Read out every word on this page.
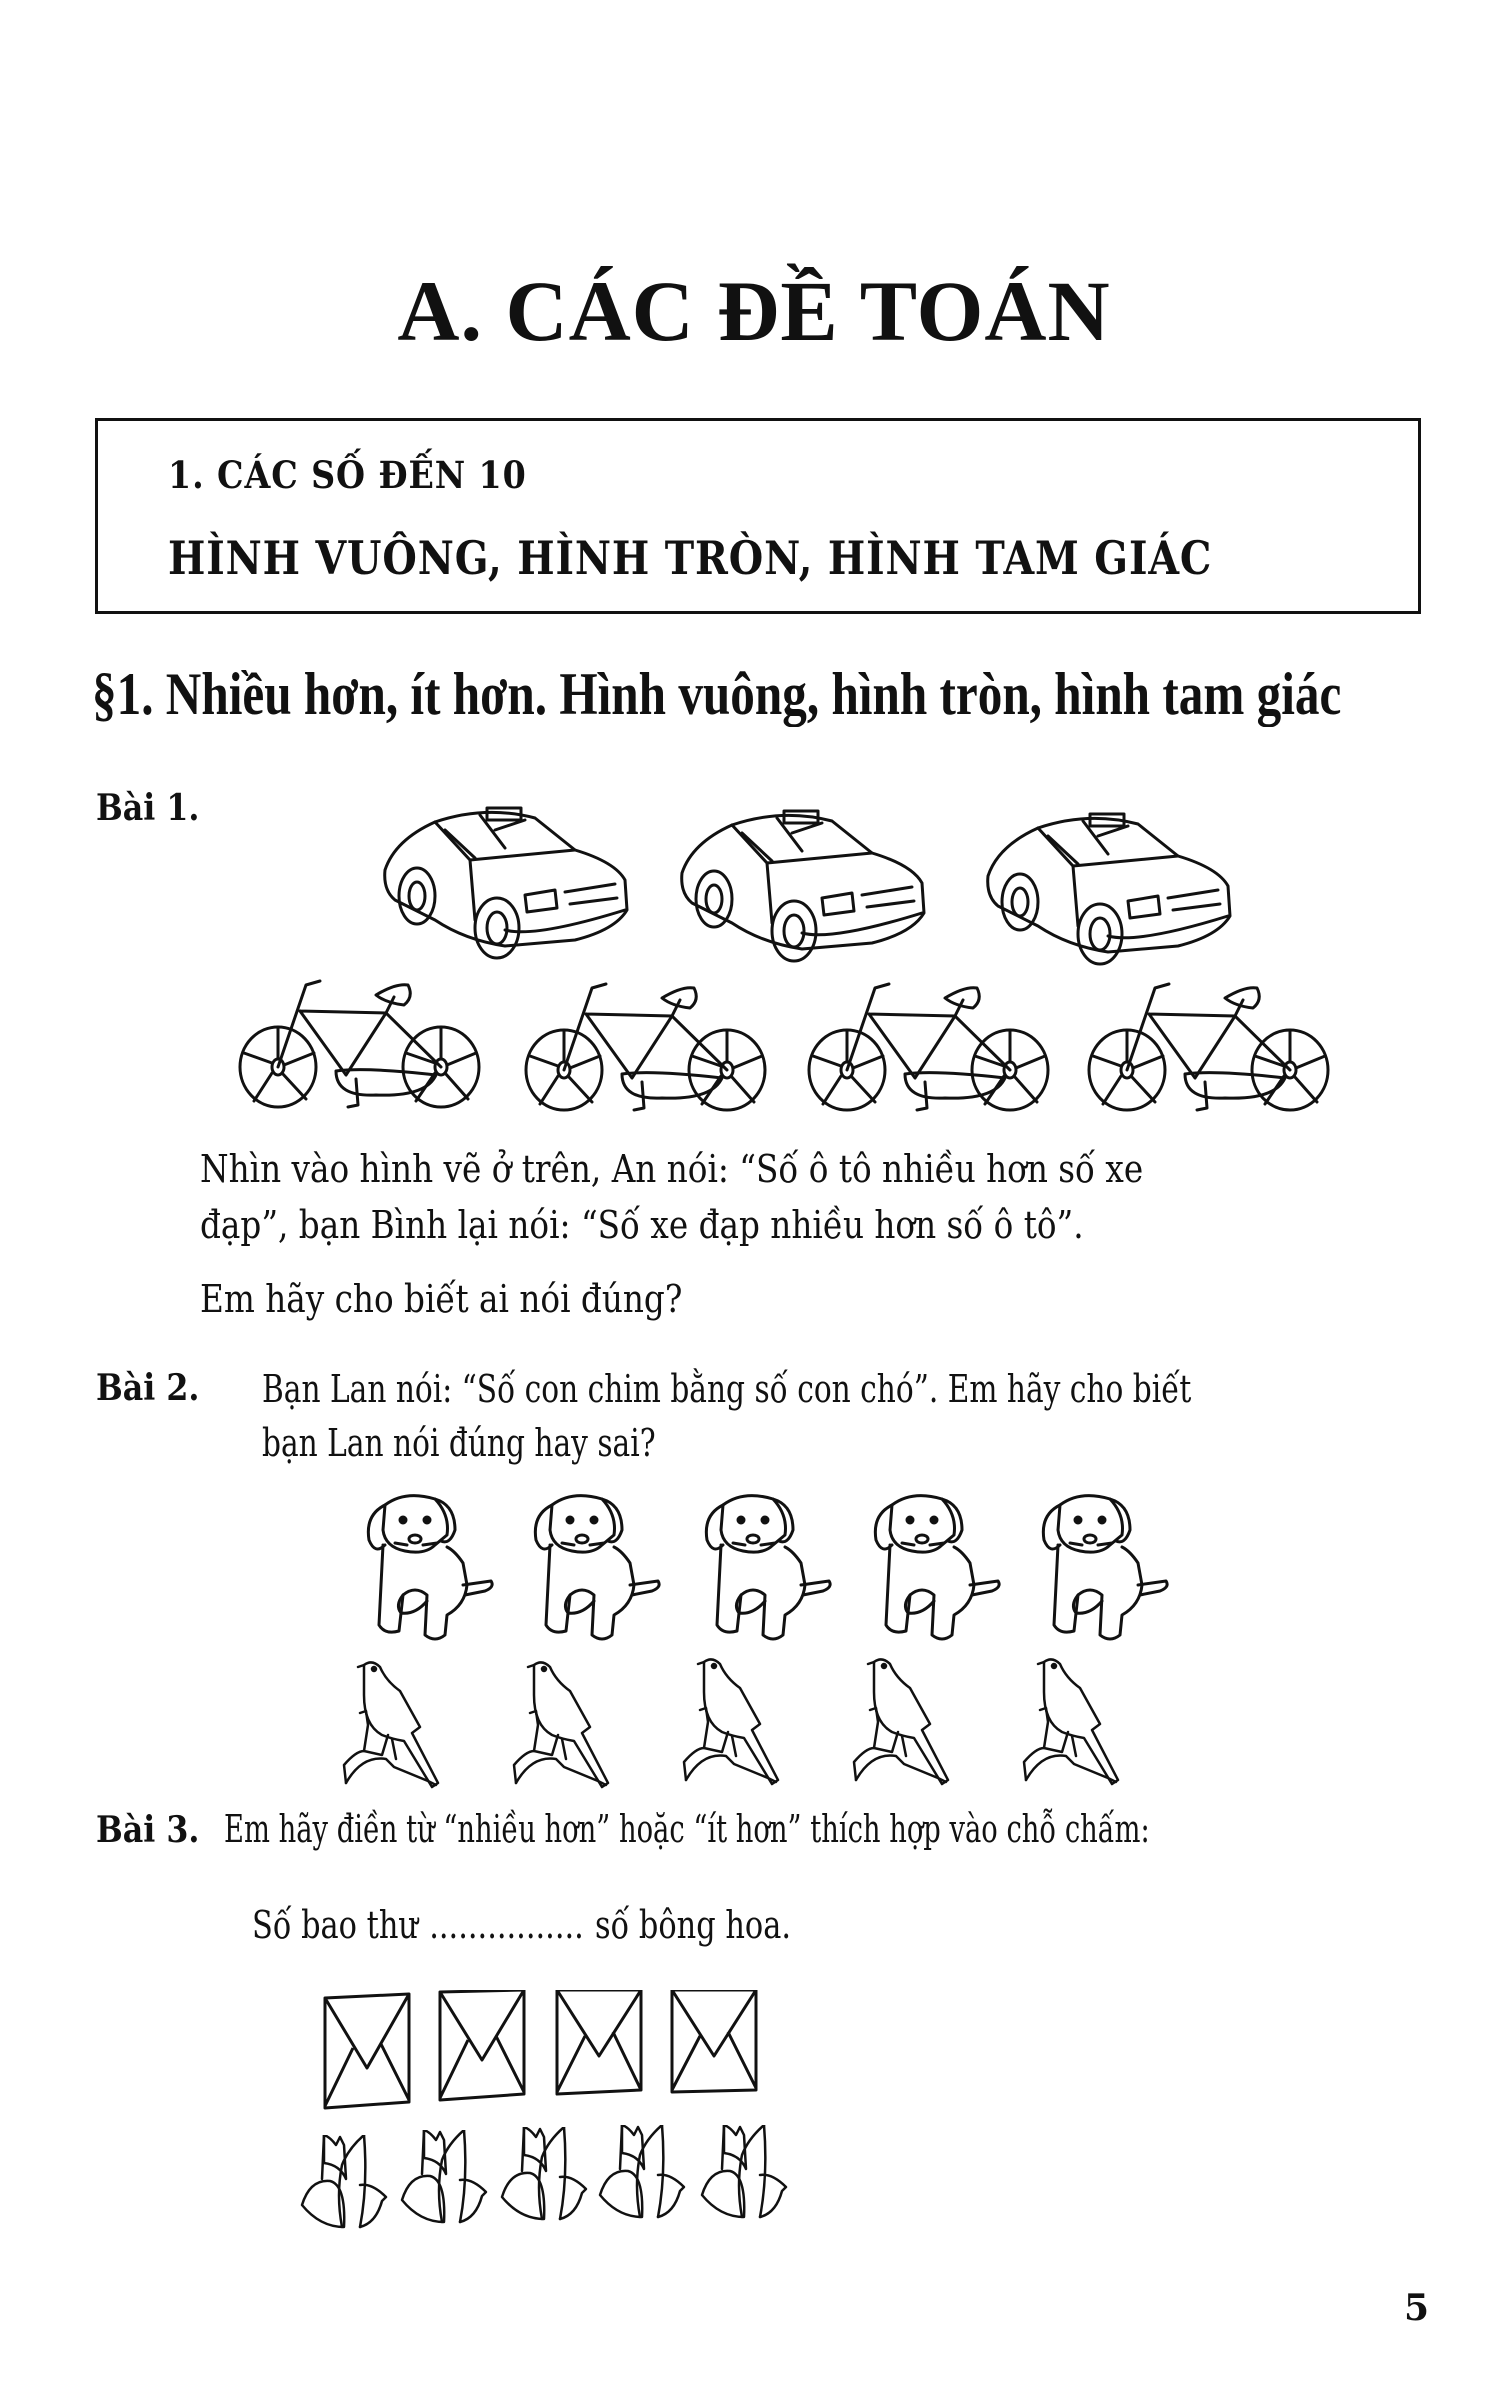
A. CÁC ĐỀ TOÁN
1. CÁC SỐ ĐẾN 10
HÌNH VUÔNG, HÌNH TRÒN, HÌNH TAM GIÁC
§1. Nhiều hơn, ít hơn. Hình vuông, hình tròn, hình tam giác
Bài 1.
Nhìn vào hình vẽ ở trên, An nói: “Số ô tô nhiều hơn số xe
đạp”, bạn Bình lại nói: “Số xe đạp nhiều hơn số ô tô”.
Em hãy cho biết ai nói đúng?
Bài 2. Bạn Lan nói: “Số con chim bằng số con chó”. Em hãy cho biết
bạn Lan nói đúng hay sai?
Bài 3. Em hãy điền từ “nhiều hơn” hoặc “ít hơn” thích hợp vào chỗ chấm:
Số bao thư ................ số bông hoa.
5
